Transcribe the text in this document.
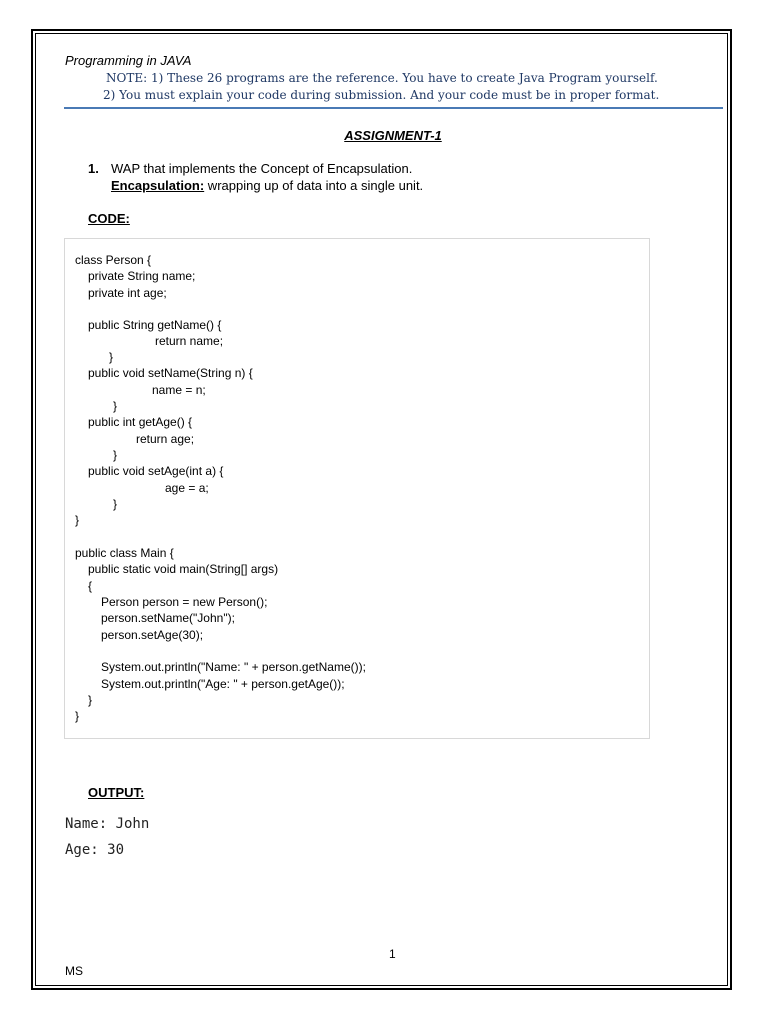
Programming in JAVA
NOTE: 1) These 26 programs are the reference. You have to create Java Program yourself.
2) You must explain your code during submission. And your code must be in proper format.
ASSIGNMENT-1
1. WAP that implements the Concept of Encapsulation.
Encapsulation: wrapping up of data into a single unit.
CODE:
class Person {
private String name;
private int age;
public String getName() {
return name;
}
public void setName(String n) {
name = n;
}
public int getAge() {
return age;
}
public void setAge(int a) {
age = a;
}
}
public class Main {
public static void main(String[] args)
{
Person person = new Person();
person.setName("John");
person.setAge(30);
System.out.println("Name: " + person.getName());
System.out.println("Age: " + person.getAge());
}
}
OUTPUT:
Name: John
Age: 30
1
MS
